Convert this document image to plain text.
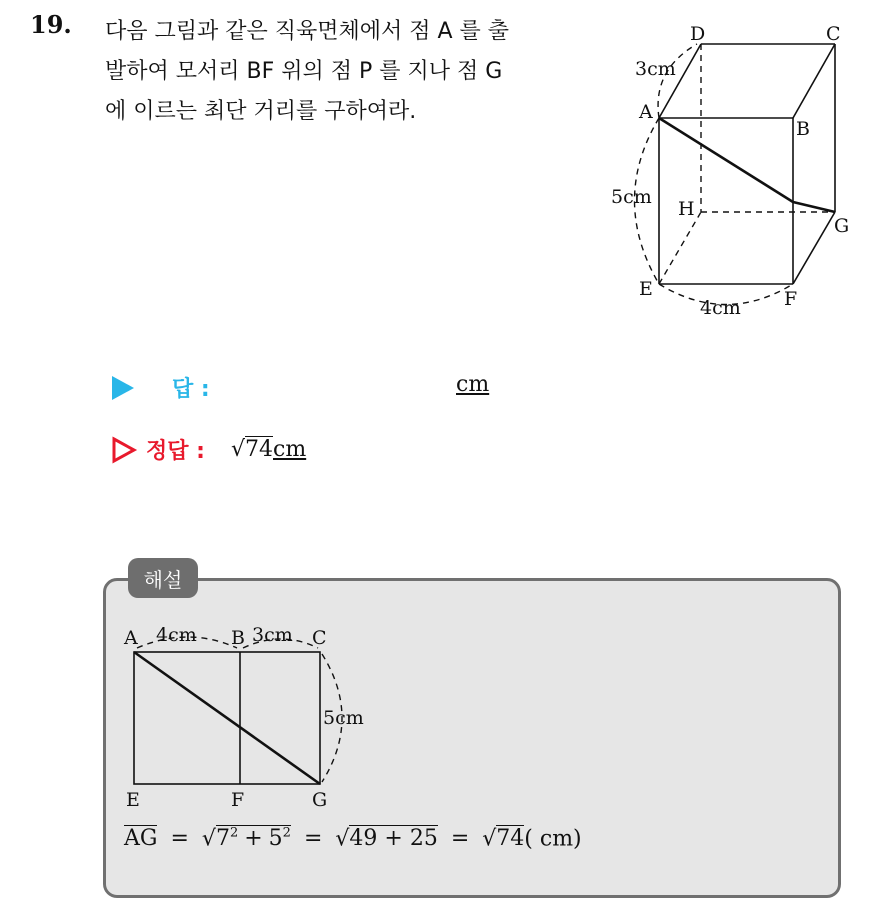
19. 다음 그림과 같은 직육면체에서 점 A 를 출
발하여 모서리 BF 위의 점 P 를 지나 점 G
에 이르는 최단 거리를 구하여라.
D	C
A
B
H
G
E	F
3cm
5cm
4cm
답 :	cm
정답 : √74cm
해설
A	B	C
E	F	G
4cm	3cm
5cm
AG = $√7^2 + 5^2 = √49 + 25 = √74$( cm)
